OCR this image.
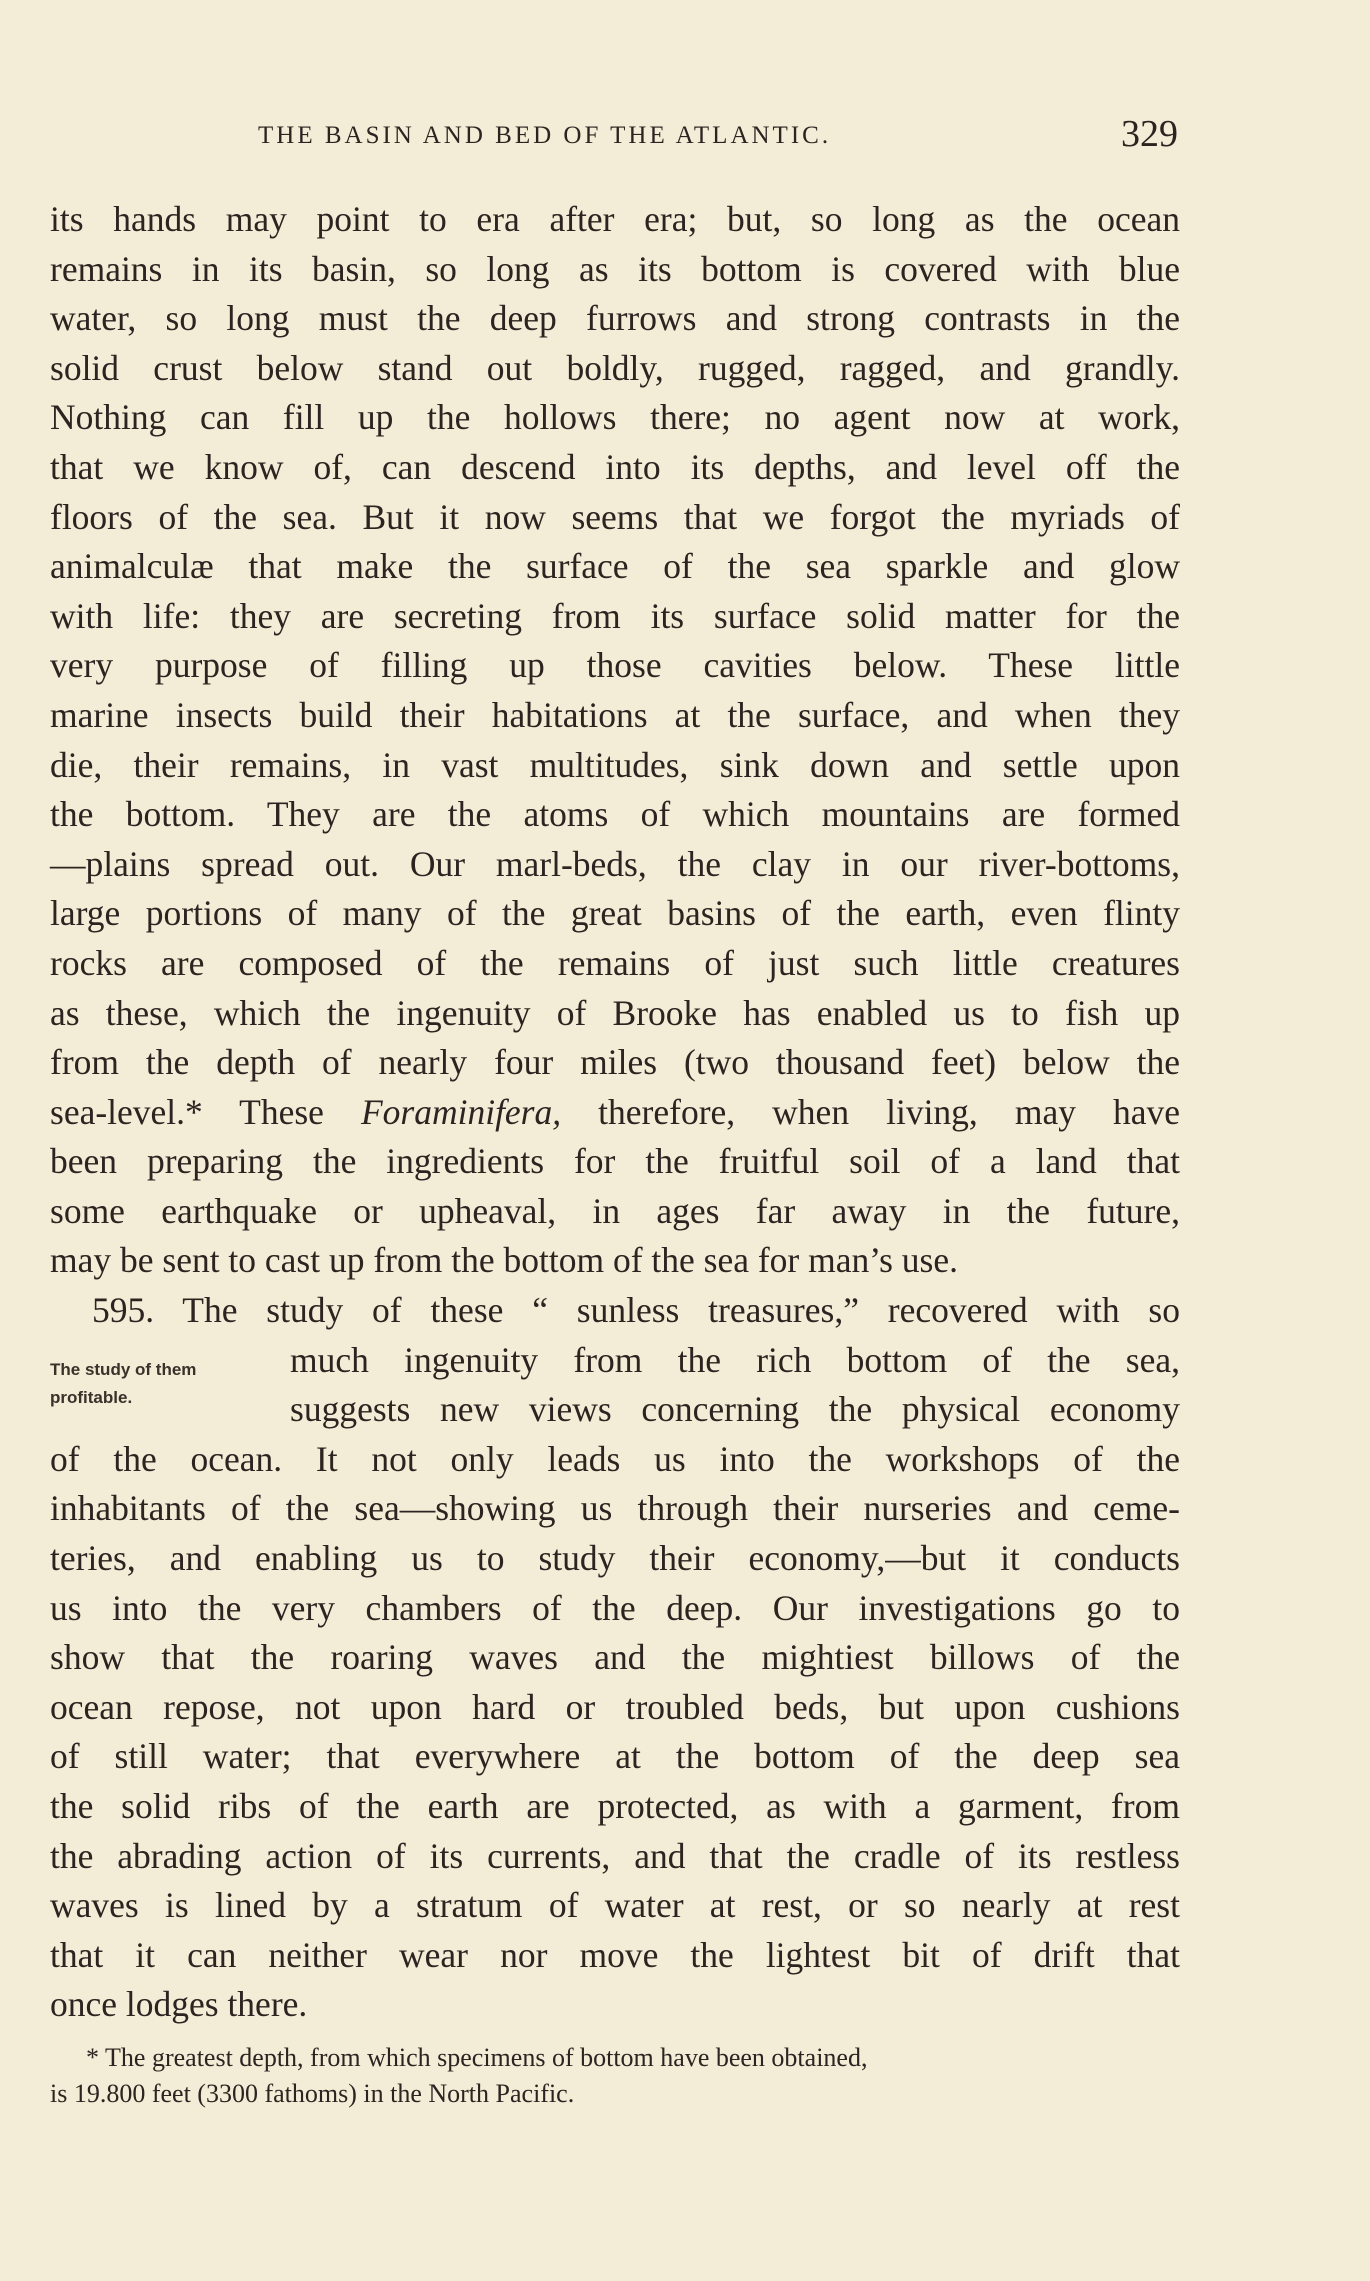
THE BASIN AND BED OF THE ATLANTIC.	329
its hands may point to era after era; but, so long as the ocean
remains in its basin, so long as its bottom is covered with blue
water, so long must the deep furrows and strong contrasts in the
solid crust below stand out boldly, rugged, ragged, and grandly.
Nothing can fill up the hollows there; no agent now at work,
that we know of, can descend into its depths, and level off the
floors of the sea. But it now seems that we forgot the myriads of
animalculæ that make the surface of the sea sparkle and glow
with life: they are secreting from its surface solid matter for the
very purpose of filling up those cavities below. These little
marine insects build their habitations at the surface, and when they
die, their remains, in vast multitudes, sink down and settle upon
the bottom. They are the atoms of which mountains are formed
—plains spread out. Our marl-beds, the clay in our river-bottoms,
large portions of many of the great basins of the earth, even flinty
rocks are composed of the remains of just such little creatures
as these, which the ingenuity of Brooke has enabled us to fish up
from the depth of nearly four miles (two thousand feet) below the
sea-level.* These Foraminifera, therefore, when living, may have
been preparing the ingredients for the fruitful soil of a land that
some earthquake or upheaval, in ages far away in the future,
may be sent to cast up from the bottom of the sea for man’s use.
595. The study of these “ sunless treasures,” recovered with so
much ingenuity from the rich bottom of the sea,
suggests new views concerning the physical economy
of the ocean. It not only leads us into the workshops of the
inhabitants of the sea—showing us through their nurseries and ceme-
teries, and enabling us to study their economy,—but it conducts
us into the very chambers of the deep. Our investigations go to
show that the roaring waves and the mightiest billows of the
ocean repose, not upon hard or troubled beds, but upon cushions
of still water; that everywhere at the bottom of the deep sea
the solid ribs of the earth are protected, as with a garment, from
the abrading action of its currents, and that the cradle of its restless
waves is lined by a stratum of water at rest, or so nearly at rest
that it can neither wear nor move the lightest bit of drift that
once lodges there.
The study of them
profitable.
* The greatest depth, from which specimens of bottom have been obtained,
is 19.800 feet (3300 fathoms) in the North Pacific.
